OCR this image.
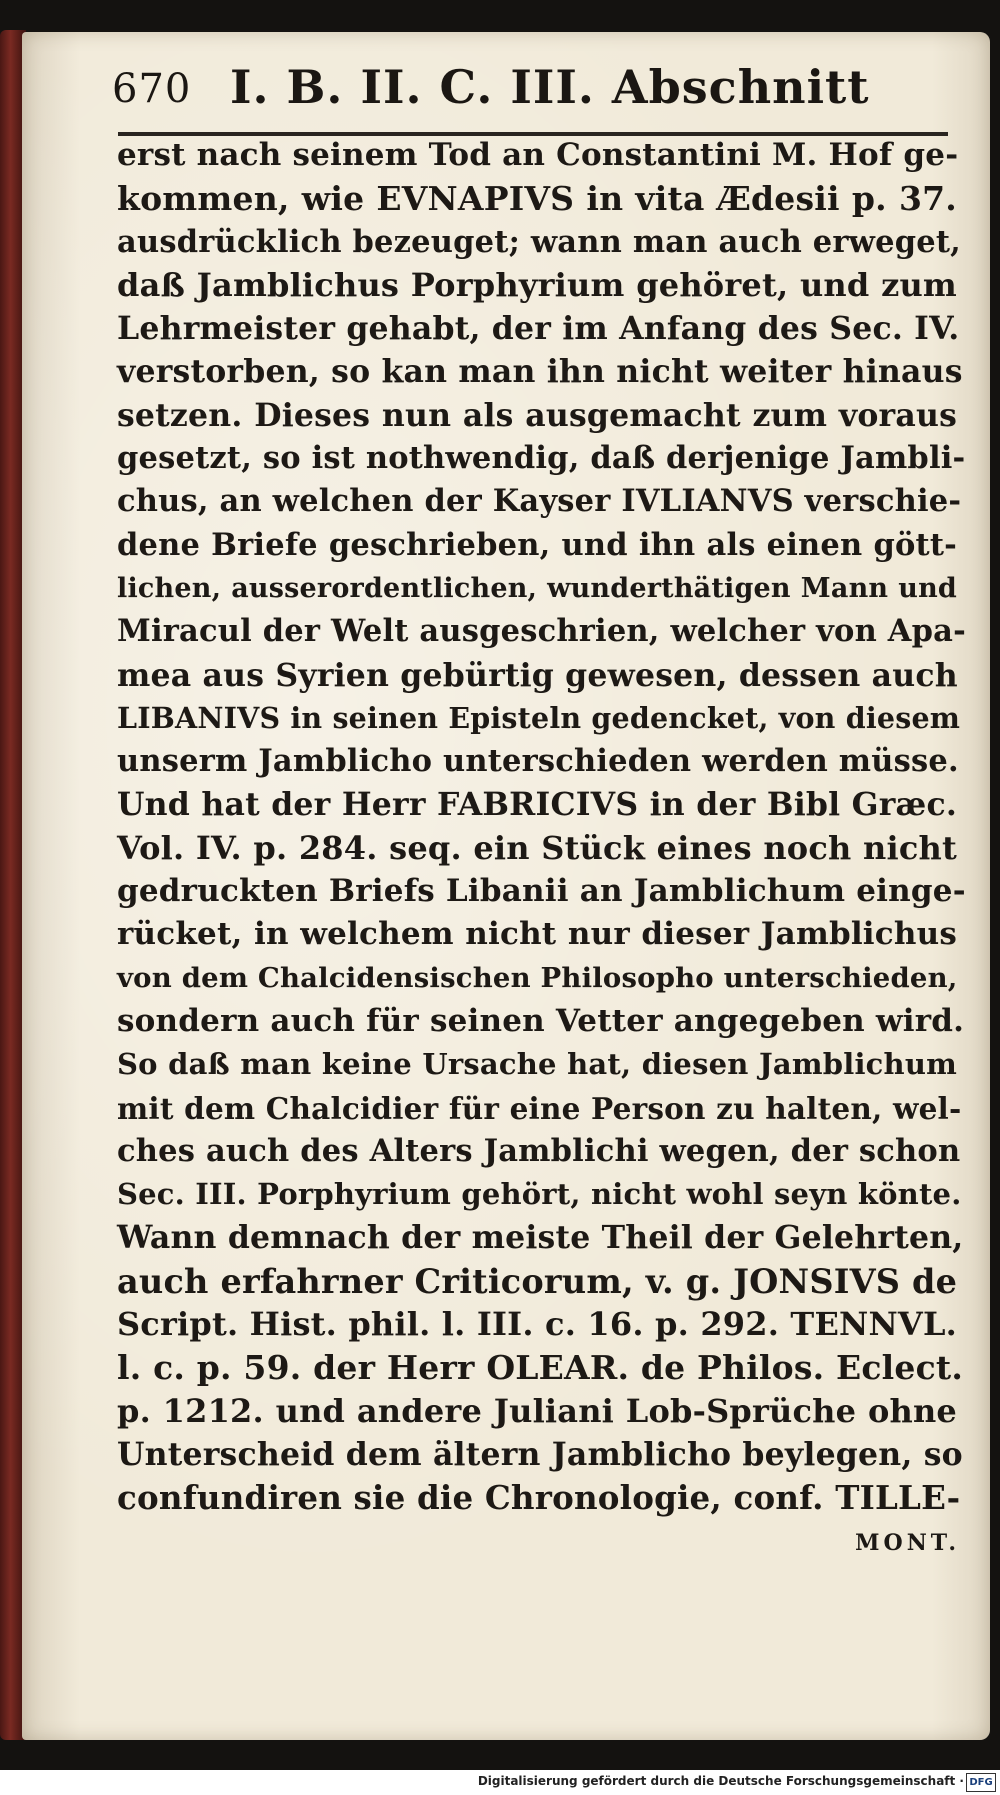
670 I. B. II. C. III. Abschnitt
erst nach seinem Tod an Constantini M. Hof ge-
kommen, wie EVNAPIVS in vita Ædesii p. 37.
ausdrücklich bezeuget; wann man auch erweget,
daß Jamblichus Porphyrium gehöret, und zum
Lehrmeister gehabt, der im Anfang des Sec. IV.
verstorben, so kan man ihn nicht weiter hinaus
setzen. Dieses nun als ausgemacht zum voraus
gesetzt, so ist nothwendig, daß derjenige Jambli-
chus, an welchen der Kayser IVLIANVS verschie-
dene Briefe geschrieben, und ihn als einen gött-
lichen, ausserordentlichen, wunderthätigen Mann und
Miracul der Welt ausgeschrien, welcher von Apa-
mea aus Syrien gebürtig gewesen, dessen auch
LIBANIVS in seinen Episteln gedencket, von diesem
unserm Jamblicho unterschieden werden müsse.
Und hat der Herr FABRICIVS in der Bibl Græc.
Vol. IV. p. 284. seq. ein Stück eines noch nicht
gedruckten Briefs Libanii an Jamblichum einge-
rücket, in welchem nicht nur dieser Jamblichus
von dem Chalcidensischen Philosopho unterschieden,
sondern auch für seinen Vetter angegeben wird.
So daß man keine Ursache hat, diesen Jamblichum
mit dem Chalcidier für eine Person zu halten, wel-
ches auch des Alters Jamblichi wegen, der schon
Sec. III. Porphyrium gehört, nicht wohl seyn könte.
Wann demnach der meiste Theil der Gelehrten,
auch erfahrner Criticorum, v. g. JONSIVS de
Script. Hist. phil. l. III. c. 16. p. 292. TENNVL.
l. c. p. 59. der Herr OLEAR. de Philos. Eclect.
p. 1212. und andere Juliani Lob-Sprüche ohne
Unterscheid dem ältern Jamblicho beylegen, so
confundiren sie die Chronologie, conf. TILLE-
MONT.
Digitalisierung gefördert durch die Deutsche Forschungsgemeinschaft · DFG
